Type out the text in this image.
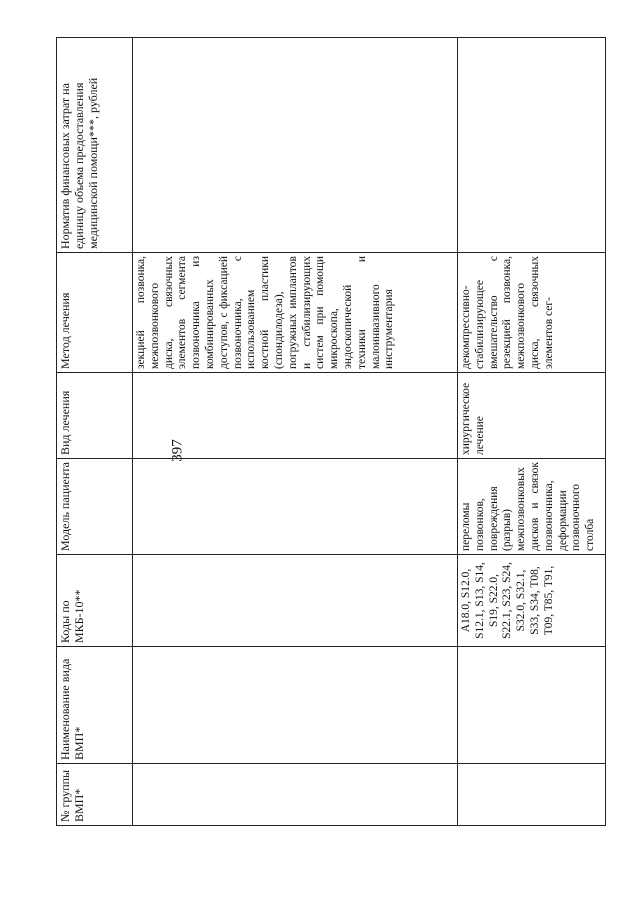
397
№ группы ВМП*	Наименование вида ВМП*	Коды по МКБ-10**	Модель пациента	Вид лечения	Метод лечения	Норматив финансовых затрат на единицу объема предоставления медицинской помощи***, рублей
					зекцией позвонка, межпозвонкового диска, связочных элементов сегмента позвоночника из комбинированных доступов, с фиксацией позвоночника, с использованием костной пластики (спондилодеза), погружных имплантов и стабилизирующих систем при помощи микроскопа, эндоскопической техники и малоинвазивного инструментария	
		A18.0, S12.0, S12.1, S13, S14, S19, S22.0, S22.1, S23, S24, S32.0, S32.1, S33, S34, T08, T09, T85, T91,	переломы позвонков, повреждения (разрыв) межпозвонковых дисков и связок позвоночника, деформации позвоночного столба	хирургическое лечение	декомпрессивно-стабилизирующее вмешательство с резекцией позвонка, межпозвонкового диска, связочных элементов сег-	
